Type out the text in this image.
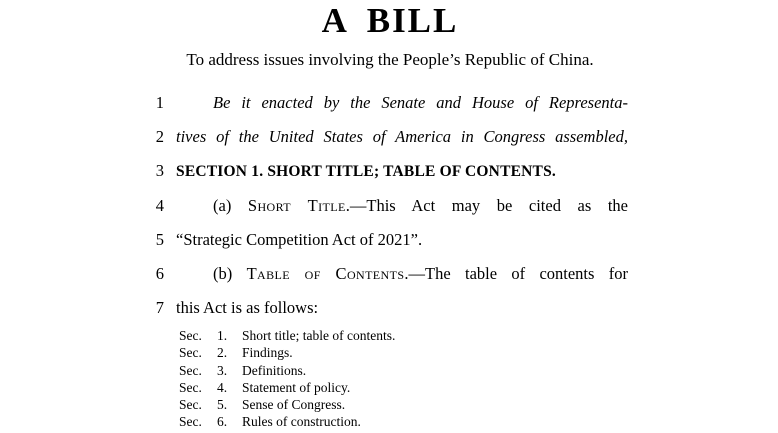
A BILL
To address issues involving the People’s Republic of China.
1	Be it enacted by the Senate and House of Representa-
2 tives of the United States of America in Congress assembled,
3 SECTION 1. SHORT TITLE; TABLE OF CONTENTS.
4	(a) Short Title.—This Act may be cited as the
5 “Strategic Competition Act of 2021”.
6	(b) Table of Contents.—The table of contents for
7 this Act is as follows:
Sec.	1.	Short title; table of contents.
Sec.	2.	Findings.
Sec.	3.	Definitions.
Sec.	4.	Statement of policy.
Sec.	5.	Sense of Congress.
Sec.	6.	Rules of construction.
